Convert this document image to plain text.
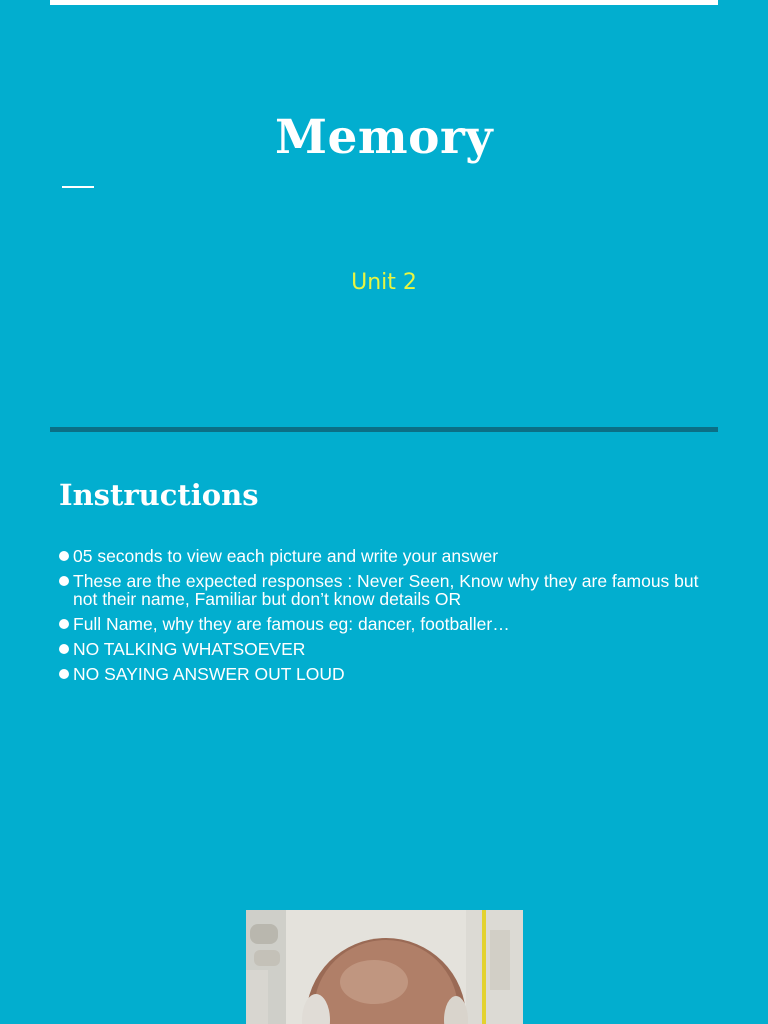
Memory
Unit 2
Instructions
05 seconds to view each picture and write your answer
These are the expected responses : Never Seen, Know why they are famous but not their name, Familiar but don’t know details OR
Full Name, why they are famous eg: dancer, footballer…
NO TALKING WHATSOEVER
NO SAYING ANSWER OUT LOUD
